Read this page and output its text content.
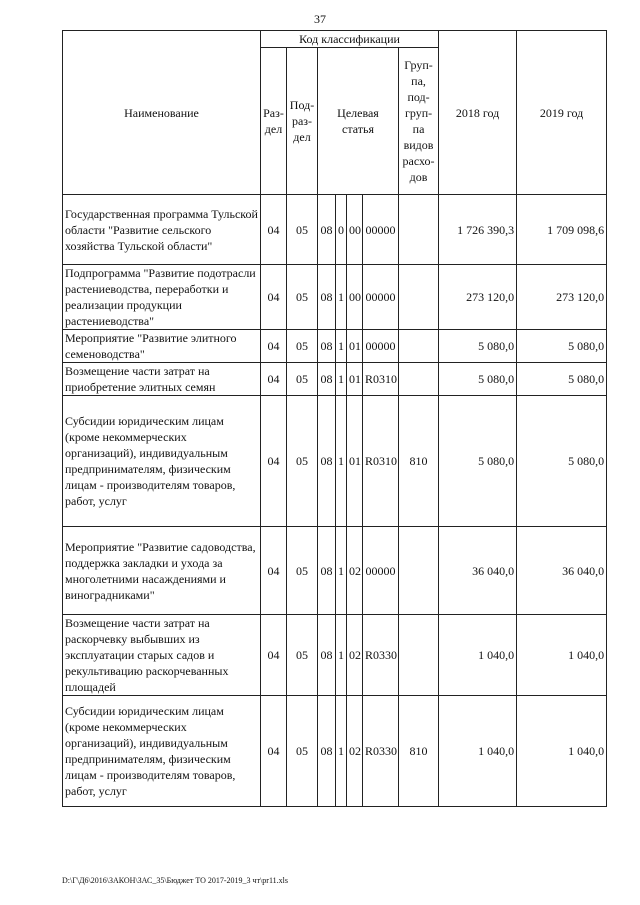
37
Наименование	Код классификации							2018 год	2019 год
	Раз-дел	Под-раз-дел	Целевая статья				Груп-па, под-груп-па видов расхо-дов		
Государственная программа Тульской области "Развитие сельского хозяйства Тульской области"	04	05	08	0	00	00000		1 726 390,3	1 709 098,6
Подпрограмма "Развитие подотрасли растениеводства, переработки и реализации продукции растениеводства"	04	05	08	1	00	00000		273 120,0	273 120,0
Мероприятие "Развитие элитного семеноводства"	04	05	08	1	01	00000		5 080,0	5 080,0
Возмещение части затрат на приобретение элитных семян	04	05	08	1	01	R0310		5 080,0	5 080,0
Субсидии юридическим лицам (кроме некоммерческих организаций), индивидуальным предпринимателям, физическим лицам - производителям товаров, работ, услуг	04	05	08	1	01	R0310	810	5 080,0	5 080,0
Мероприятие "Развитие садоводства, поддержка закладки и ухода за многолетними насаждениями и виноградниками"	04	05	08	1	02	00000		36 040,0	36 040,0
Возмещение части затрат на раскорчевку выбывших из эксплуатации старых садов и рекультивацию раскорчеванных площадей	04	05	08	1	02	R0330		1 040,0	1 040,0
Субсидии юридическим лицам (кроме некоммерческих организаций), индивидуальным предпринимателям, физическим лицам - производителям товаров, работ, услуг	04	05	08	1	02	R0330	810	1 040,0	1 040,0
D:\Г\Д6\2016\ЗАКОН\ЗАС_35\Бюджет ТО 2017-2019_3 чт\pr11.xls
